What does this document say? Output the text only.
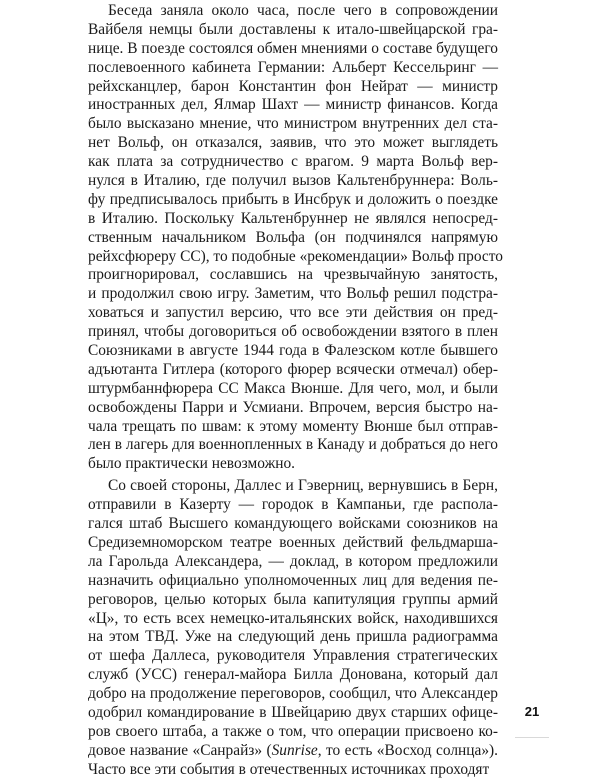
Беседа заняла около часа, после чего в сопровождении
Вайбеля немцы были доставлены к итало-швейцарской гра-
нице. В поезде состоялся обмен мнениями о составе будущего
послевоенного кабинета Германии: Альберт Кессельринг —
рейхсканцлер, барон Константин фон Нейрат — министр
иностранных дел, Ялмар Шахт — министр финансов. Когда
было высказано мнение, что министром внутренних дел ста-
нет Вольф, он отказался, заявив, что это может выглядеть
как плата за сотрудничество с врагом. 9 марта Вольф вер-
нулся в Италию, где получил вызов Кальтенбруннера: Воль-
фу предписывалось прибыть в Инсбрук и доложить о поездке
в Италию. Поскольку Кальтенбруннер не являлся непосред-
ственным начальником Вольфа (он подчинялся напрямую
рейхсфюреру СС), то подобные «рекомендации» Вольф просто
проигнорировал, сославшись на чрезвычайную занятость,
и продолжил свою игру. Заметим, что Вольф решил подстра-
ховаться и запустил версию, что все эти действия он пред-
принял, чтобы договориться об освобождении взятого в плен
Союзниками в августе 1944 года в Фалезском котле бывшего
адъютанта Гитлера (которого фюрер всячески отмечал) обер-
штурмбаннфюрера СС Макса Вюнше. Для чего, мол, и были
освобождены Парри и Усмиани. Впрочем, версия быстро на-
чала трещать по швам: к этому моменту Вюнше был отправ-
лен в лагерь для военнопленных в Канаду и добраться до него
было практически невозможно.
Со своей стороны, Даллес и Гэверниц, вернувшись в Берн,
отправили в Казерту — городок в Кампаньи, где распола-
гался штаб Высшего командующего войсками союзников на
Средиземноморском театре военных действий фельдмарша-
ла Гарольда Александера, — доклад, в котором предложили
назначить официально уполномоченных лиц для ведения пе-
реговоров, целью которых была капитуляция группы армий
«Ц», то есть всех немецко-итальянских войск, находившихся
на этом ТВД. Уже на следующий день пришла радиограмма
от шефа Даллеса, руководителя Управления стратегических
служб (УСС) генерал-майора Билла Донована, который дал
добро на продолжение переговоров, сообщил, что Александер
одобрил командирование в Швейцарию двух старших офице-
ров своего штаба, а также о том, что операции присвоено ко-
довое название «Санрайз» (Sunrise, то есть «Восход солнца»).
Часто все эти события в отечественных источниках проходят
21
